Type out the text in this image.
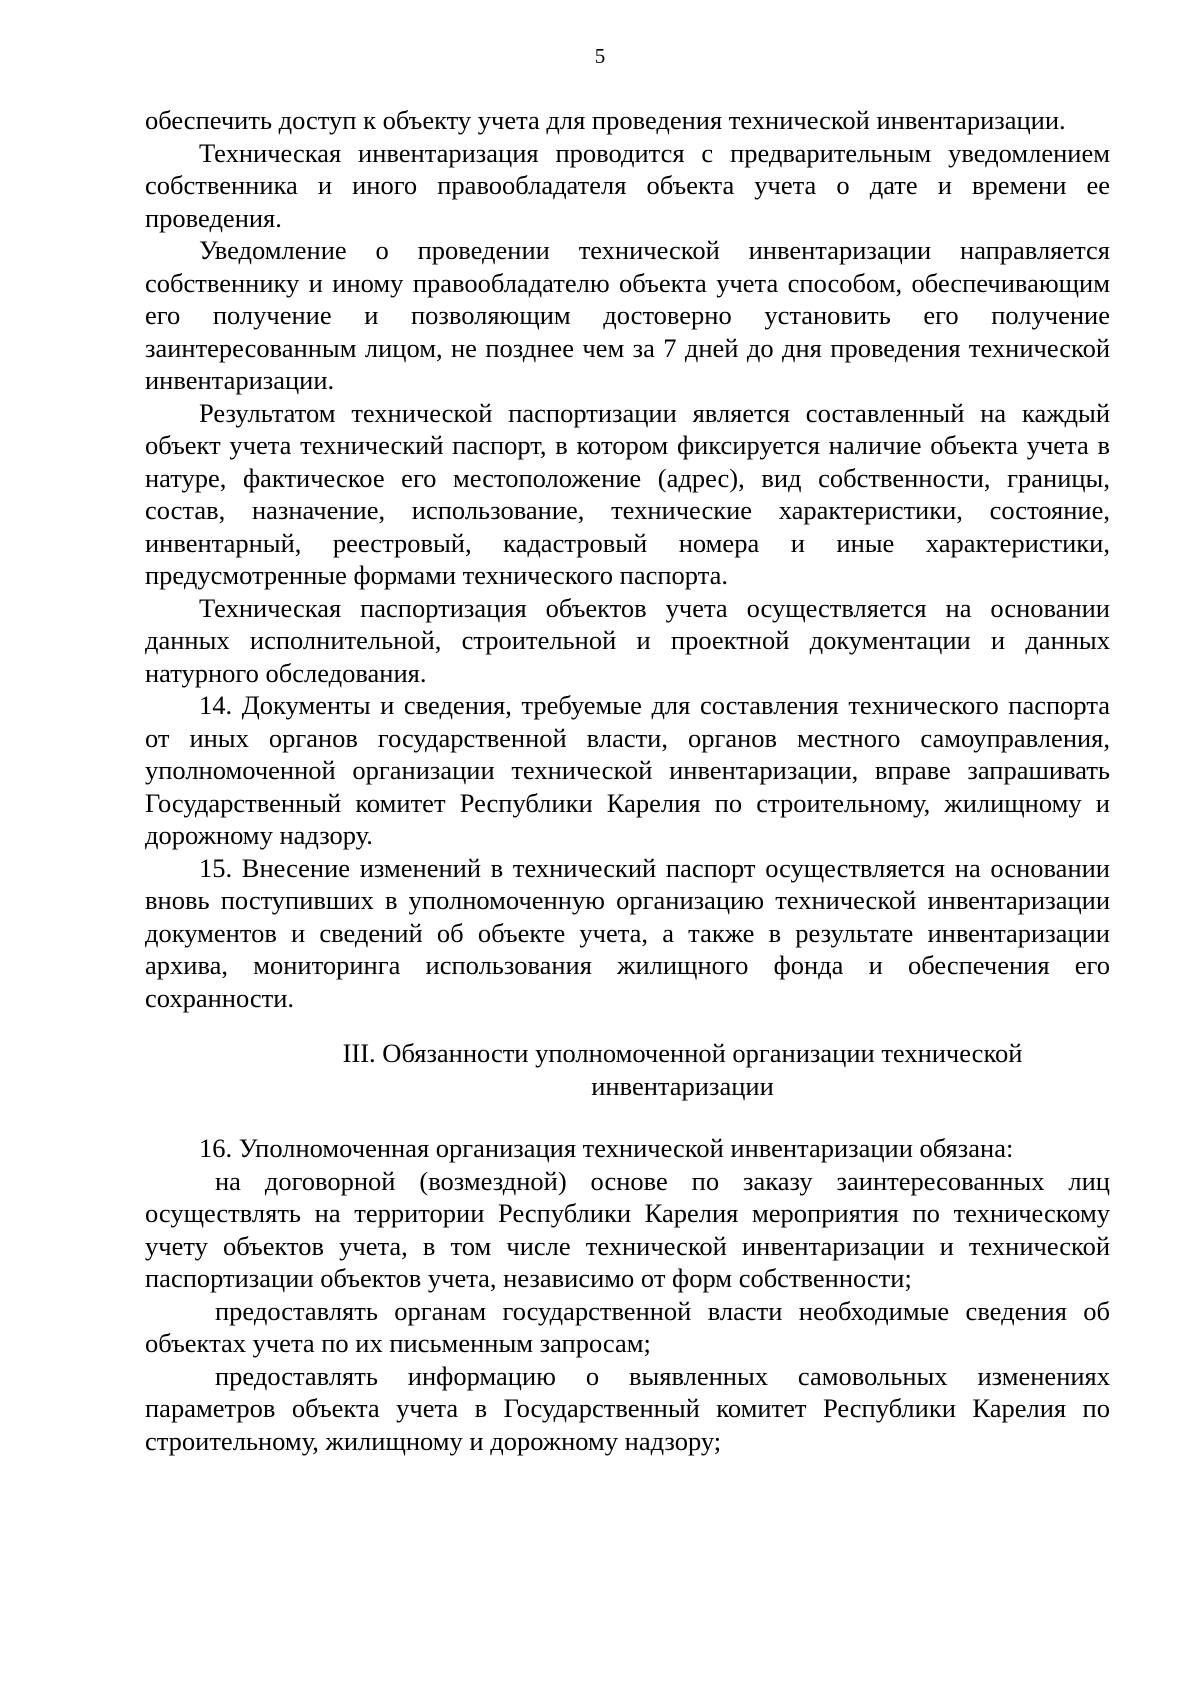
5

обеспечить доступ к объекту учета для проведения технической инвентаризации.

Техническая инвентаризация проводится с предварительным уведомлением собственника и иного правообладателя объекта учета о дате и времени ее проведения.

Уведомление о проведении технической инвентаризации направляется собственнику и иному правообладателю объекта учета способом, обеспечивающим его получение и позволяющим достоверно установить его получение заинтересованным лицом, не позднее чем за 7 дней до дня проведения технической инвентаризации.

Результатом технической паспортизации является составленный на каждый объект учета технический паспорт, в котором фиксируется наличие объекта учета в натуре, фактическое его местоположение (адрес), вид собственности, границы, состав, назначение, использование, технические характеристики, состояние, инвентарный, реестровый, кадастровый номера и иные характеристики, предусмотренные формами технического паспорта.

Техническая паспортизация объектов учета осуществляется на основании данных исполнительной, строительной и проектной документации и данных натурного обследования.

14. Документы и сведения, требуемые для составления технического паспорта от иных органов государственной власти, органов местного самоуправления, уполномоченной организации технической инвентаризации, вправе запрашивать Государственный комитет Республики Карелия по строительному, жилищному и дорожному надзору.

15. Внесение изменений в технический паспорт осуществляется на основании вновь поступивших в уполномоченную организацию технической инвентаризации документов и сведений об объекте учета, а также в результате инвентаризации архива, мониторинга использования жилищного фонда и обеспечения его сохранности.

III. Обязанности уполномоченной организации технической
инвентаризации

16. Уполномоченная организация технической инвентаризации обязана:

на договорной (возмездной) основе по заказу заинтересованных лиц осуществлять на территории Республики Карелия мероприятия по техническому учету объектов учета, в том числе технической инвентаризации и технической паспортизации объектов учета, независимо от форм собственности;

предоставлять органам государственной власти необходимые сведения об объектах учета по их письменным запросам;

предоставлять информацию о выявленных самовольных изменениях параметров объекта учета в Государственный комитет Республики Карелия по строительному, жилищному и дорожному надзору;
